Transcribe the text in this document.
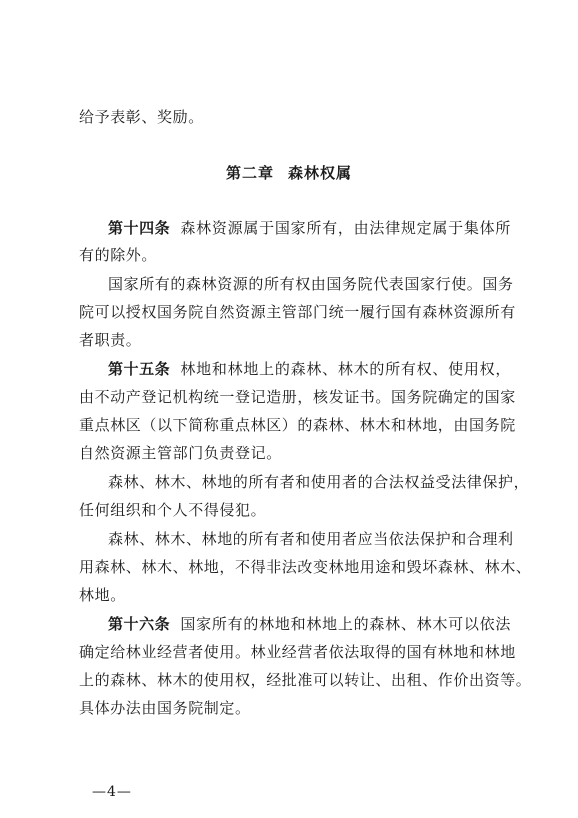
给予表彰、奖励。
第二章 森林权属
第十四条 森林资源属于国家所有，由法律规定属于集体所
有的除外。
国家所有的森林资源的所有权由国务院代表国家行使。国务
院可以授权国务院自然资源主管部门统一履行国有森林资源所有
者职责。
第十五条 林地和林地上的森林、林木的所有权、使用权，
由不动产登记机构统一登记造册，核发证书。国务院确定的国家
重点林区（以下简称重点林区）的森林、林木和林地，由国务院
自然资源主管部门负责登记。
森林、林木、林地的所有者和使用者的合法权益受法律保护，
任何组织和个人不得侵犯。
森林、林木、林地的所有者和使用者应当依法保护和合理利
用森林、林木、林地，不得非法改变林地用途和毁坏森林、林木、
林地。
第十六条 国家所有的林地和林地上的森林、林木可以依法
确定给林业经营者使用。林业经营者依法取得的国有林地和林地
上的森林、林木的使用权，经批准可以转让、出租、作价出资等。
具体办法由国务院制定。
—4—
